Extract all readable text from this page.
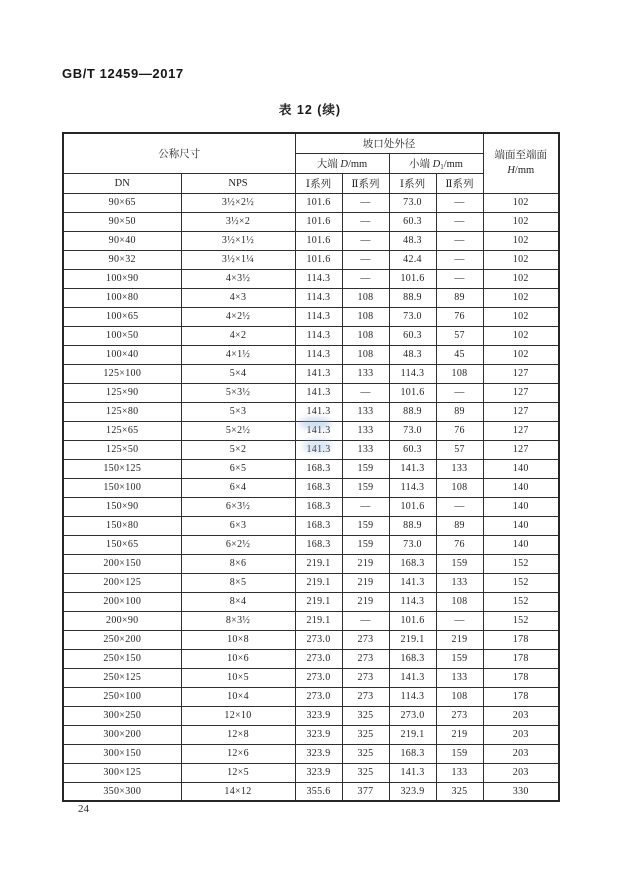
GB/T 12459—2017
表 12 (续)
公称尺寸		坡口处外径				端面至端面
H/mm

		大端 D/mm		小端 $D_1/mm$		
DN	NPS	Ⅰ系列	Ⅱ系列	Ⅰ系列	Ⅱ系列	
90×65	3½×2½	101.6	—	73.0	—	102
90×50	3½×2	101.6	—	60.3	—	102
90×40	3½×1½	101.6	—	48.3	—	102
90×32	3½×1¼	101.6	—	42.4	—	102
100×90	4×3½	114.3	—	101.6	—	102
100×80	4×3	114.3	108	88.9	89	102
100×65	4×2½	114.3	108	73.0	76	102
100×50	4×2	114.3	108	60.3	57	102
100×40	4×1½	114.3	108	48.3	45	102
125×100	5×4	141.3	133	114.3	108	127
125×90	5×3½	141.3	—	101.6	—	127
125×80	5×3	141.3	133	88.9	89	127
125×65	5×2½	141.3	133	73.0	76	127
125×50	5×2	141.3	133	60.3	57	127
150×125	6×5	168.3	159	141.3	133	140
150×100	6×4	168.3	159	114.3	108	140
150×90	6×3½	168.3	—	101.6	—	140
150×80	6×3	168.3	159	88.9	89	140
150×65	6×2½	168.3	159	73.0	76	140
200×150	8×6	219.1	219	168.3	159	152
200×125	8×5	219.1	219	141.3	133	152
200×100	8×4	219.1	219	114.3	108	152
200×90	8×3½	219.1	—	101.6	—	152
250×200	10×8	273.0	273	219.1	219	178
250×150	10×6	273.0	273	168.3	159	178
250×125	10×5	273.0	273	141.3	133	178
250×100	10×4	273.0	273	114.3	108	178
300×250	12×10	323.9	325	273.0	273	203
300×200	12×8	323.9	325	219.1	219	203
300×150	12×6	323.9	325	168.3	159	203
300×125	12×5	323.9	325	141.3	133	203
350×300	14×12	355.6	377	323.9	325	330
24
